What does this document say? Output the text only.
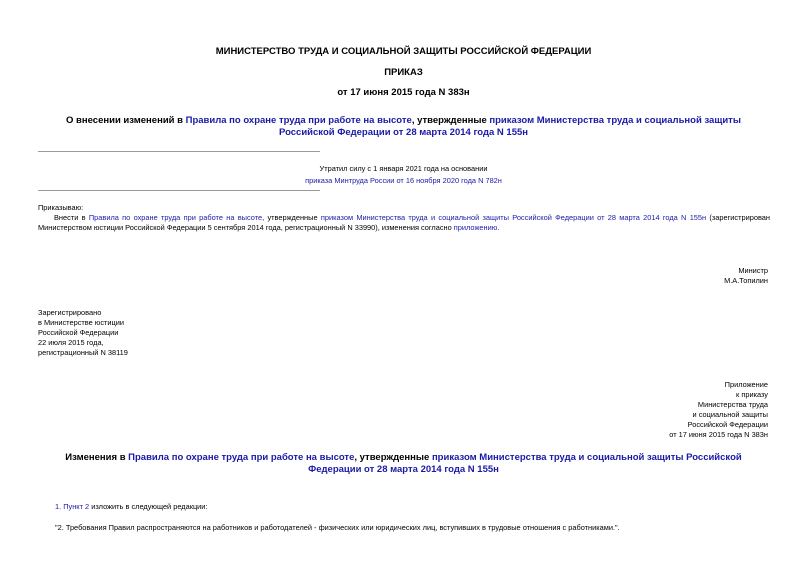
МИНИСТЕРСТВО ТРУДА И СОЦИАЛЬНОЙ ЗАЩИТЫ РОССИЙСКОЙ ФЕДЕРАЦИИ
ПРИКАЗ
от 17 июня 2015 года N 383н
О внесении изменений в Правила по охране труда при работе на высоте, утвержденные приказом Министерства труда и социальной защиты Российской Федерации от 28 марта 2014 года N 155н
Утратил силу с 1 января 2021 года на основании
приказа Минтруда России от 16 ноября 2020 года N 782н
Приказываю:
Внести в Правила по охране труда при работе на высоте, утвержденные приказом Министерства труда и социальной защиты Российской Федерации от 28 марта 2014 года N 155н (зарегистрирован Министерством юстиции Российской Федерации 5 сентября 2014 года, регистрационный N 33990), изменения согласно приложению.
Министр
М.А.Топилин

Зарегистрировано

в Министерстве юстиции

Российской Федерации

22 июля 2015 года,

регистрационный N 38119

Приложение

к приказу

Министерства труда

и социальной защиты

Российской Федерации

от 17 июня 2015 года N 383н

Изменения в Правила по охране труда при работе на высоте, утвержденные приказом Министерства труда и социальной защиты Российской Федерации от 28 марта 2014 года N 155н
1. Пункт 2 изложить в следующей редакции:
"2. Требования Правил распространяются на работников и работодателей - физических или юридических лиц, вступивших в трудовые отношения с работниками.".
